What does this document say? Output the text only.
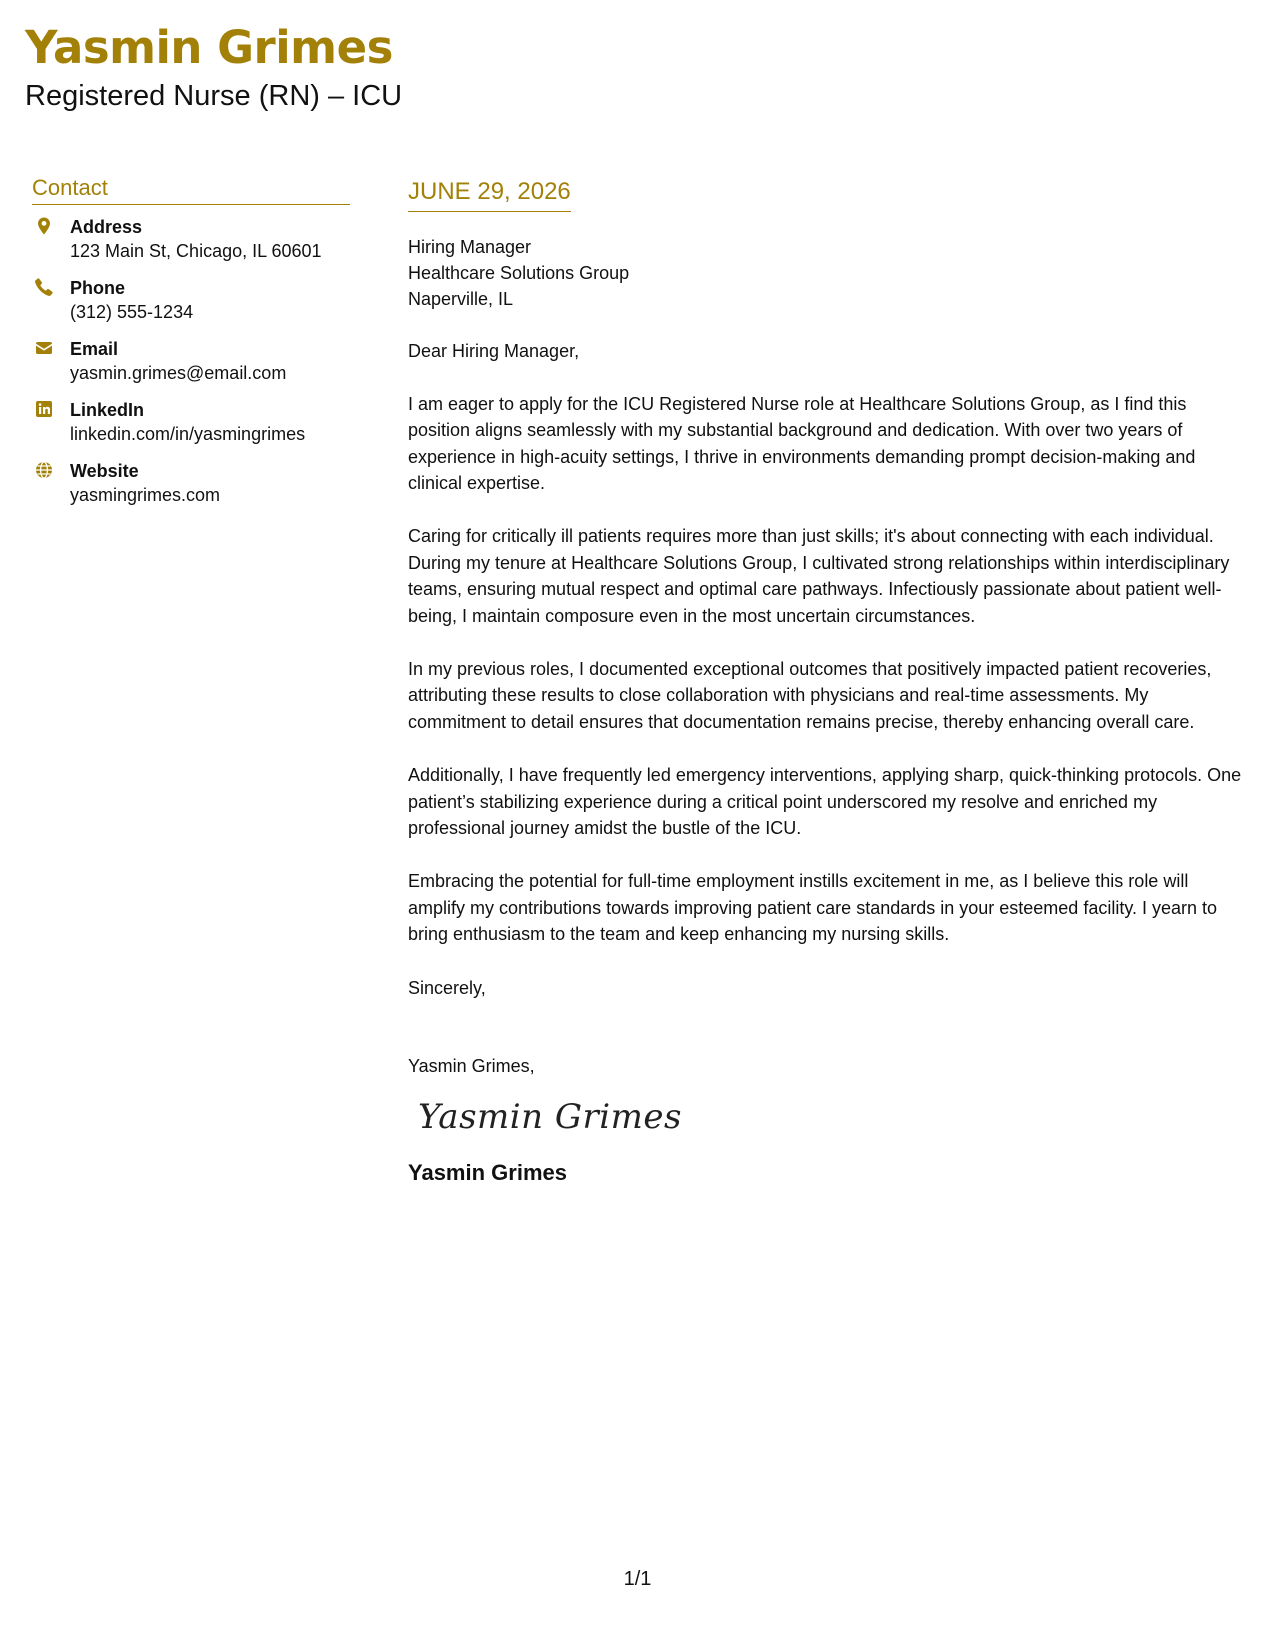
Yasmin Grimes
Registered Nurse (RN) – ICU
Contact
Address
123 Main St, Chicago, IL 60601
Phone
(312) 555-1234
Email
yasmin.grimes@email.com
LinkedIn
linkedin.com/in/yasmingrimes
Website
yasmingrimes.com
JUNE 29, 2026
Hiring Manager
Healthcare Solutions Group
Naperville, IL
Dear Hiring Manager,
I am eager to apply for the ICU Registered Nurse role at Healthcare Solutions Group, as I find this position aligns seamlessly with my substantial background and dedication. With over two years of experience in high-acuity settings, I thrive in environments demanding prompt decision-making and clinical expertise.
Caring for critically ill patients requires more than just skills; it's about connecting with each individual. During my tenure at Healthcare Solutions Group, I cultivated strong relationships within interdisciplinary teams, ensuring mutual respect and optimal care pathways. Infectiously passionate about patient well-being, I maintain composure even in the most uncertain circumstances.
In my previous roles, I documented exceptional outcomes that positively impacted patient recoveries, attributing these results to close collaboration with physicians and real-time assessments. My commitment to detail ensures that documentation remains precise, thereby enhancing overall care.
Additionally, I have frequently led emergency interventions, applying sharp, quick-thinking protocols. One patient’s stabilizing experience during a critical point underscored my resolve and enriched my professional journey amidst the bustle of the ICU.
Embracing the potential for full-time employment instills excitement in me, as I believe this role will amplify my contributions towards improving patient care standards in your esteemed facility. I yearn to bring enthusiasm to the team and keep enhancing my nursing skills.
Sincerely,
Yasmin Grimes,
Yasmin Grimes
Yasmin Grimes
1/1
